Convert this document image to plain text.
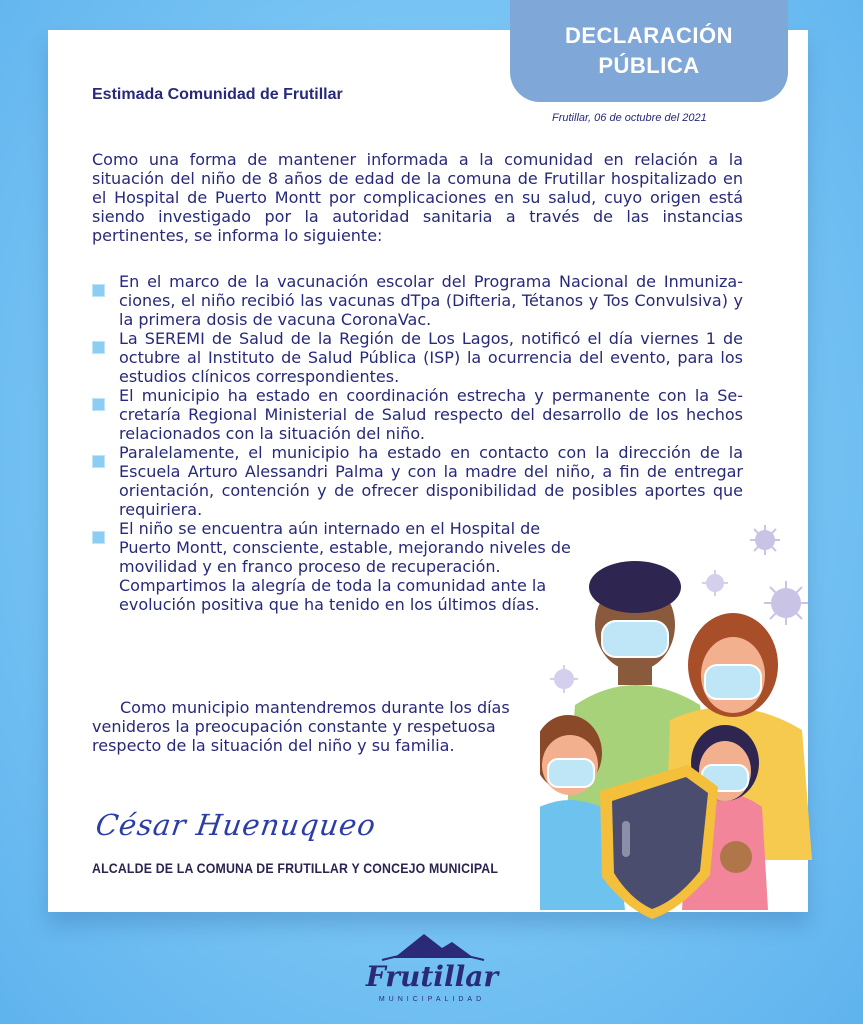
DECLARACIÓN
PÚBLICA
Estimada Comunidad de Frutillar
Frutillar, 06 de octubre del 2021

Como una forma de mantener informada a la comunidad en relación a la situación del niño de 8 años de edad de la comuna de Frutillar hospitalizado en el Hospital de Puerto Montt por complicaciones en su salud, cuyo origen está siendo investigado por la autoridad sanitaria a través de las instancias pertinentes, se informa lo siguiente:

En el marco de la vacunación escolar del Programa Nacional de Inmuniza-ciones, el niño recibió las vacunas dTpa (Difteria, Tétanos y Tos Convulsiva) y la primera dosis de vacuna CoronaVac.
La SEREMI de Salud de la Región de Los Lagos, notificó el día viernes 1 de octubre al Instituto de Salud Pública (ISP) la ocurrencia del evento, para los estudios clínicos correspondientes.
El municipio ha estado en coordinación estrecha y permanente con la Se-cretaría Regional Ministerial de Salud respecto del desarrollo de los hechos relacionados con la situación del niño.
Paralelamente, el municipio ha estado en contacto con la dirección de la Escuela Arturo Alessandri Palma y con la madre del niño, a fin de entregar orientación, contención y de ofrecer disponibilidad de posibles aportes que requiriera.
El niño se encuentra aún internado en el Hospital de Puerto Montt, consciente, estable, mejorando niveles de movilidad y en franco proceso de recuperación. Compartimos la alegría de toda la comunidad ante la evolución positiva que ha tenido en los últimos días.

Como municipio mantendremos durante los días venideros la preocupación constante y respetuosa respecto de la situación del niño y su familia.

César Huenuqueo
ALCALDE DE LA COMUNA DE FRUTILLAR Y CONCEJO MUNICIPAL
Frutillar
MUNICIPALIDAD
